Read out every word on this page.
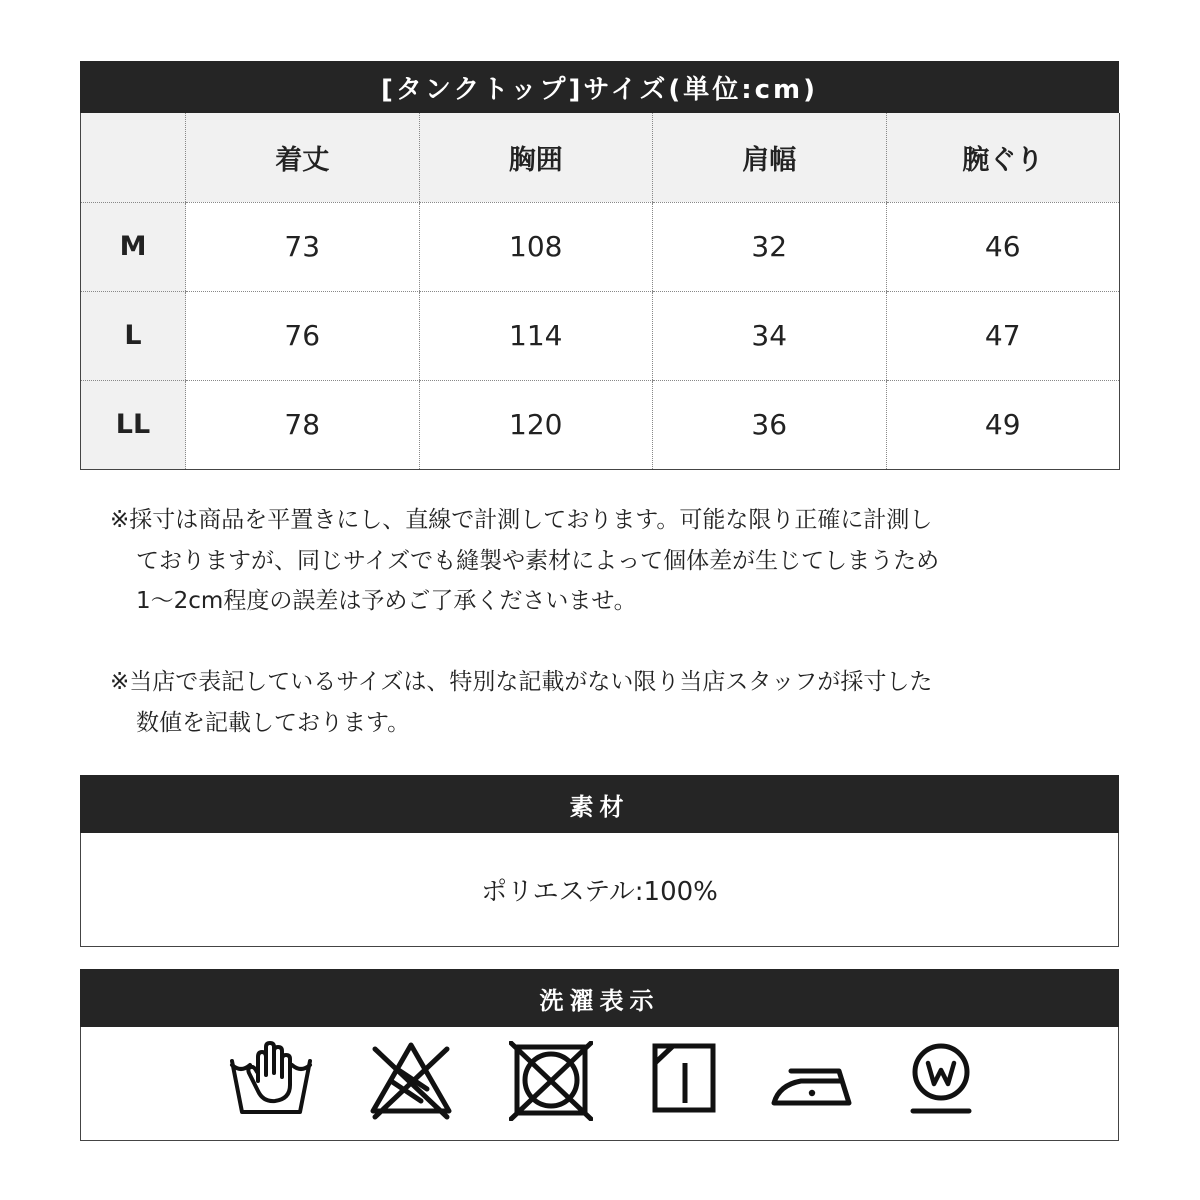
[タンクトップ]サイズ(単位:cm)
	着丈	胸囲	肩幅	腕ぐり
M	73	108	32	46
L	76	114	34	47
LL	78	120	36	49
※採寸は商品を平置きにし、直線で計測しております。可能な限り正確に計測し
ておりますが、同じサイズでも縫製や素材によって個体差が生じてしまうため
1～2cm程度の誤差は予めご了承くださいませ。
※当店で表記しているサイズは、特別な記載がない限り当店スタッフが採寸した
数値を記載しております。
素材
ポリエステル:100%
洗濯表示
